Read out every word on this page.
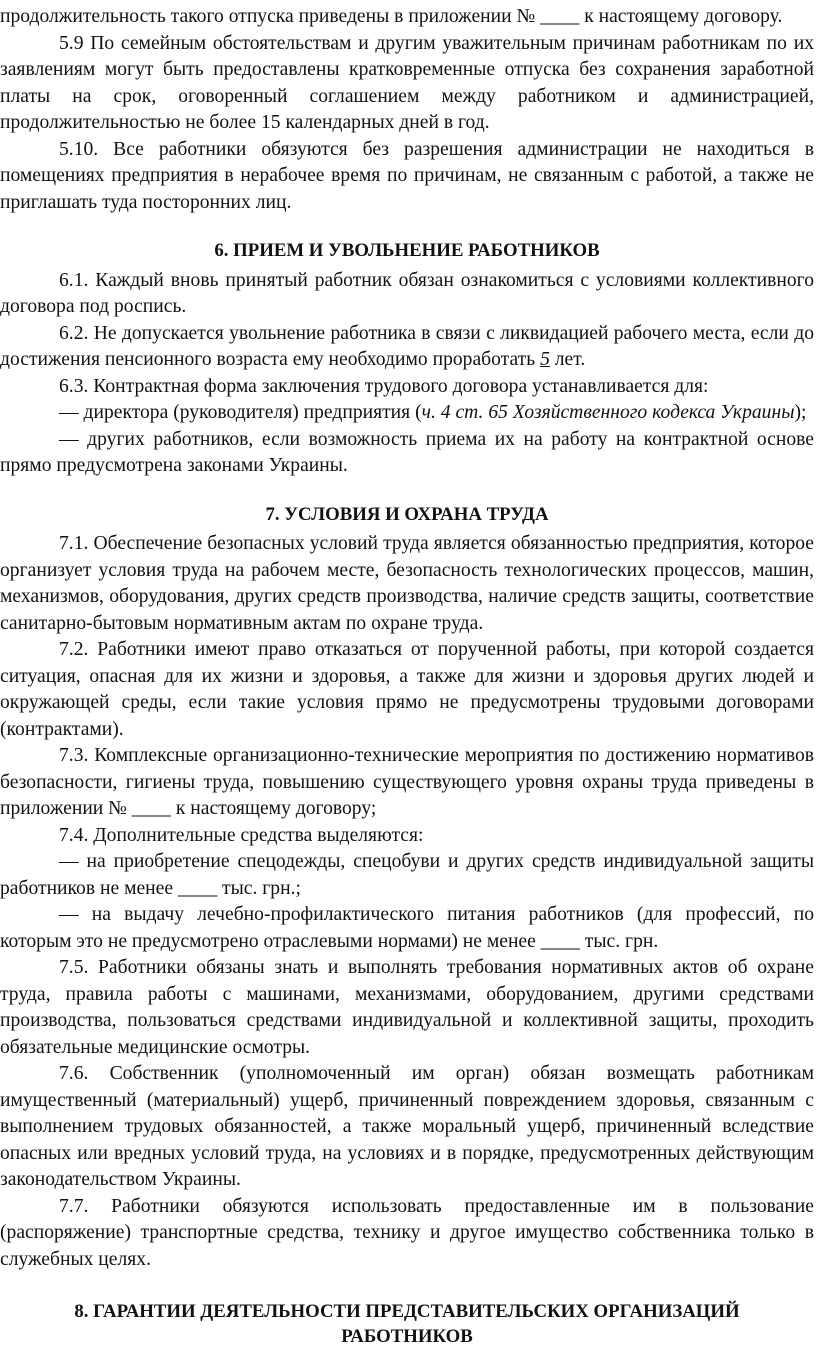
продолжительность такого отпуска приведены в приложении № ____ к настоящему договору.

5.9 По семейным обстоятельствам и другим уважительным причинам работникам по их заявлениям могут быть предоставлены кратковременные отпуска без сохранения заработной платы на срок, оговоренный соглашением между работником и администрацией, продолжительностью не более 15 календарных дней в год.

5.10. Все работники обязуются без разрешения администрации не находиться в помещениях предприятия в нерабочее время по причинам, не связанным с работой, а также не приглашать туда посторонних лиц.

6. ПРИЕМ И УВОЛЬНЕНИЕ РАБОТНИКОВ

6.1. Каждый вновь принятый работник обязан ознакомиться с условиями коллективного договора под роспись.

6.2. Не допускается увольнение работника в связи с ликвидацией рабочего места, если до достижения пенсионного возраста ему необходимо проработать 5 лет.

6.3. Контрактная форма заключения трудового договора устанавливается для:

— директора (руководителя) предприятия (ч. 4 ст. 65 Хозяйственного кодекса Украины);

— других работников, если возможность приема их на работу на контрактной основе прямо предусмотрена законами Украины.

7. УСЛОВИЯ И ОХРАНА ТРУДА

7.1. Обеспечение безопасных условий труда является обязанностью предприятия, которое организует условия труда на рабочем месте, безопасность технологических процессов, машин, механизмов, оборудования, других средств производства, наличие средств защиты, соответствие санитарно-бытовым нормативным актам по охране труда.

7.2. Работники имеют право отказаться от порученной работы, при которой создается ситуация, опасная для их жизни и здоровья, а также для жизни и здоровья других людей и окружающей среды, если такие условия прямо не предусмотрены трудовыми договорами (контрактами).

7.3. Комплексные организационно-технические мероприятия по достижению нормативов безопасности, гигиены труда, повышению существующего уровня охраны труда приведены в приложении № ____ к настоящему договору;

7.4. Дополнительные средства выделяются:

— на приобретение спецодежды, спецобуви и других средств индивидуальной защиты работников не менее ____ тыс. грн.;

— на выдачу лечебно-профилактического питания работников (для профессий, по которым это не предусмотрено отраслевыми нормами) не менее ____ тыс. грн.

7.5. Работники обязаны знать и выполнять требования нормативных актов об охране труда, правила работы с машинами, механизмами, оборудованием, другими средствами производства, пользоваться средствами индивидуальной и коллективной защиты, проходить обязательные медицинские осмотры.

7.6. Собственник (уполномоченный им орган) обязан возмещать работникам имущественный (материальный) ущерб, причиненный повреждением здоровья, связанным с выполнением трудовых обязанностей, а также моральный ущерб, причиненный вследствие опасных или вредных условий труда, на условиях и в порядке, предусмотренных действующим законодательством Украины.

7.7. Работники обязуются использовать предоставленные им в пользование (распоряжение) транспортные средства, технику и другое имущество собственника только в служебных целях.

8. ГАРАНТИИ ДЕЯТЕЛЬНОСТИ ПРЕДСТАВИТЕЛЬСКИХ ОРГАНИЗАЦИЙ
РАБОТНИКОВ
